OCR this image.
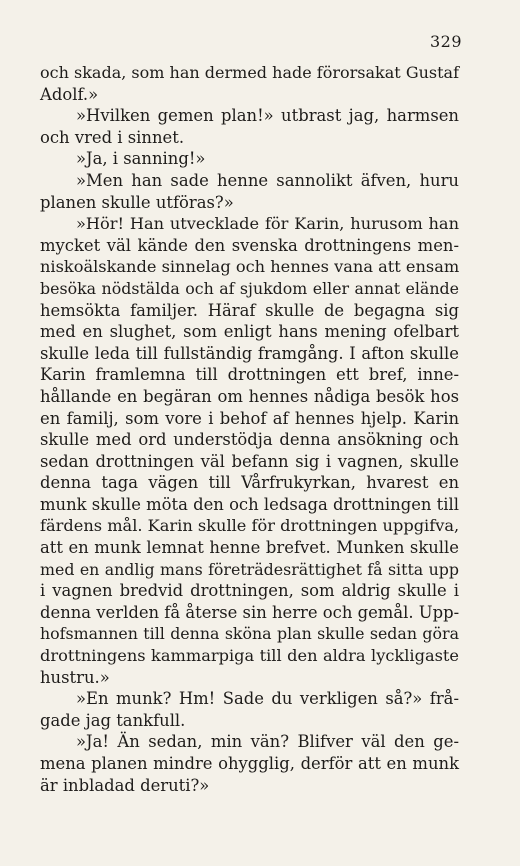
329
och skada, som han dermed hade förorsakat Gustaf
Adolf.»
»Hvilken gemen plan!» utbrast jag, harmsen
och vred i sinnet.
»Ja, i sanning!»
»Men han sade henne sannolikt äfven, huru
planen skulle utföras?»
»Hör! Han utvecklade för Karin, hurusom han
mycket väl kände den svenska drottningens men-
niskoälskande sinnelag och hennes vana att ensam
besöka nödstälda och af sjukdom eller annat elände
hemsökta familjer. Häraf skulle de begagna sig
med en slughet, som enligt hans mening ofelbart
skulle leda till fullständig framgång. I afton skulle
Karin framlemna till drottningen ett bref, inne-
hållande en begäran om hennes nådiga besök hos
en familj, som vore i behof af hennes hjelp. Karin
skulle med ord understödja denna ansökning och
sedan drottningen väl befann sig i vagnen, skulle
denna taga vägen till Vårfrukyrkan, hvarest en
munk skulle möta den och ledsaga drottningen till
färdens mål. Karin skulle för drottningen uppgifva,
att en munk lemnat henne brefvet. Munken skulle
med en andlig mans företrädesrättighet få sitta upp
i vagnen bredvid drottningen, som aldrig skulle i
denna verlden få återse sin herre och gemål. Upp-
hofsmannen till denna sköna plan skulle sedan göra
drottningens kammarpiga till den aldra lyckligaste
hustru.»
»En munk? Hm! Sade du verkligen så?» frå-
gade jag tankfull.
»Ja! Än sedan, min vän? Blifver väl den ge-
mena planen mindre ohygglig, derför att en munk
är inbladad deruti?»
